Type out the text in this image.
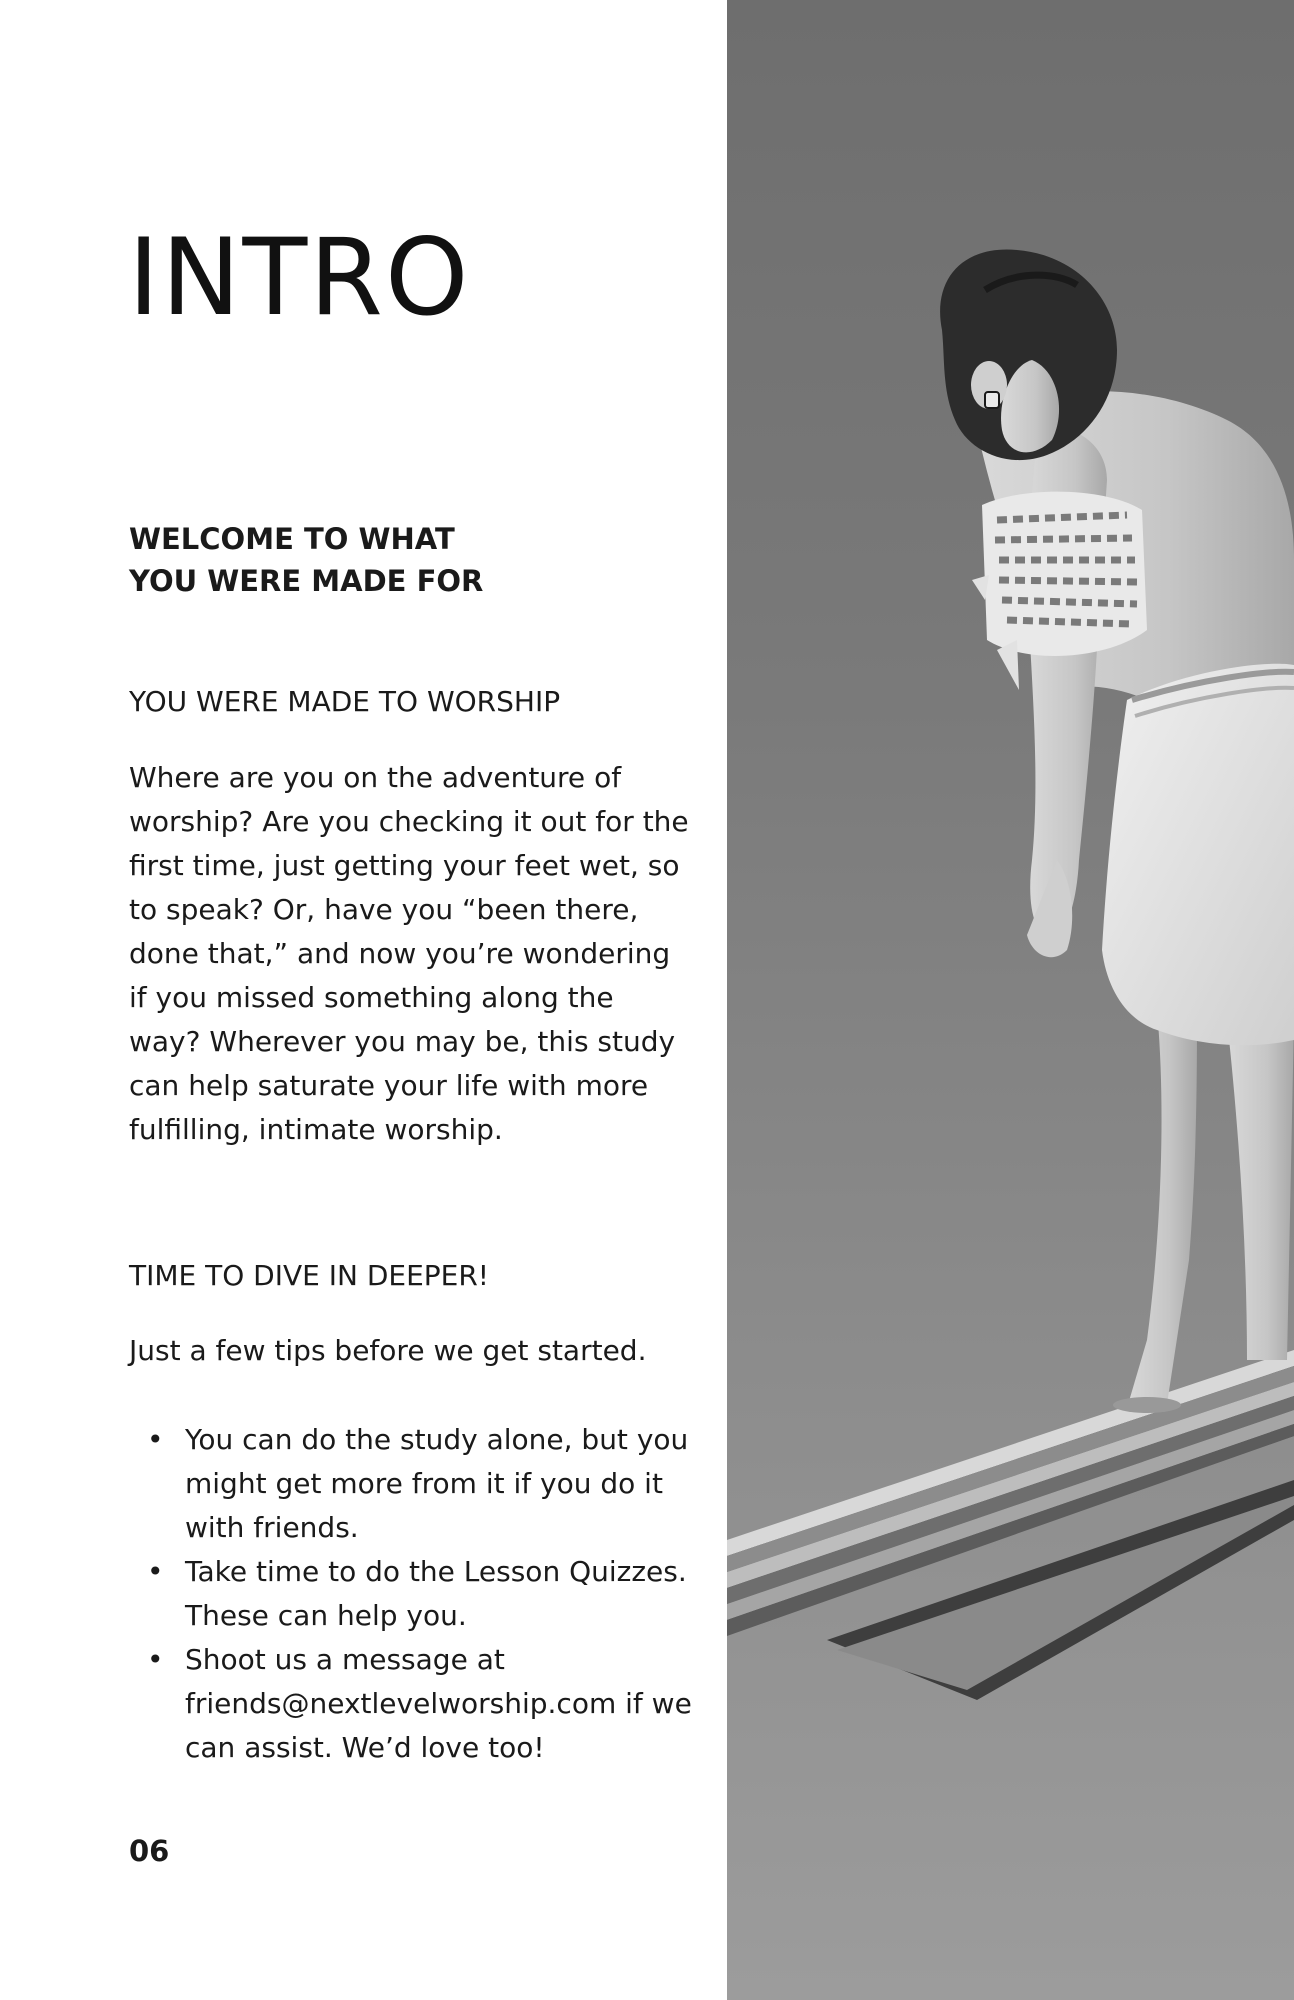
INTRO
WELCOME TO WHAT
YOU WERE MADE FOR
YOU WERE MADE TO WORSHIP

Where are you on the adventure of worship? Are you checking it out for the first time, just getting your feet wet, so to speak? Or, have you “been there, done that,” and now you’re wondering if you missed something along the way? Wherever you may be, this study can help saturate your life with more fulfilling, intimate worship.

TIME TO DIVE IN DEEPER!

Just a few tips before we get started.

• You can do the study alone, but you might get more from it if you do it with friends.
• Take time to do the Lesson Quizzes. These can help you.
• Shoot us a message at friends@nextlevelworship.com if we can assist. We’d love too!
06
